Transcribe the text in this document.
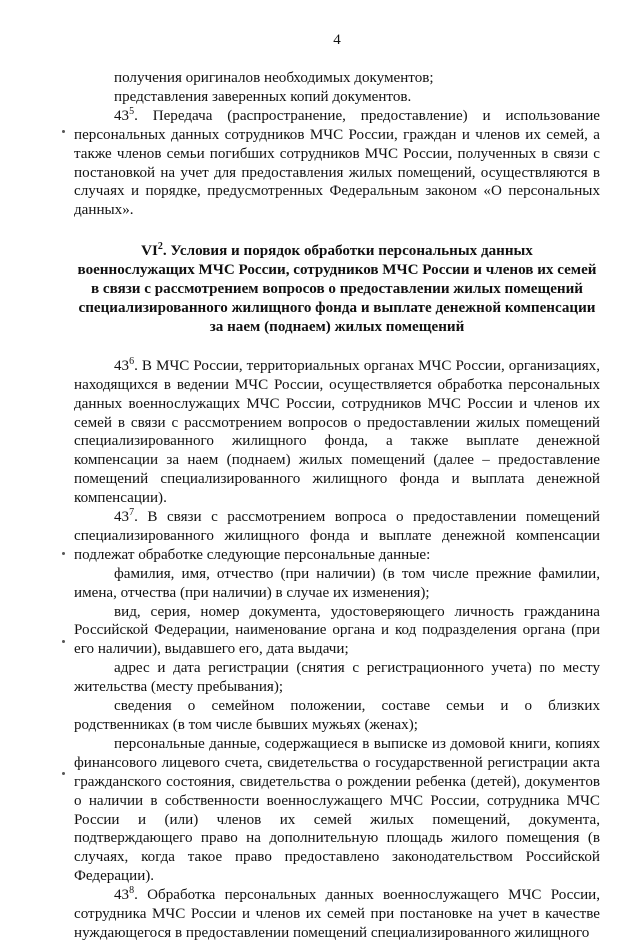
4

получения оригиналов необходимых документов;

представления заверенных копий документов.

$43^5$. Передача (распространение, предоставление) и использование персональных данных сотрудников МЧС России, граждан и членов их семей, а также членов семьи погибших сотрудников МЧС России, полученных в связи с постановкой на учет для предоставления жилых помещений, осуществляются в случаях и порядке, предусмотренных Федеральным законом «О персональных данных».

$VI^2$. Условия и порядок обработки персональных данных
военнослужащих МЧС России, сотрудников МЧС России и членов их семей
в связи с рассмотрением вопросов о предоставлении жилых помещений
специализированного жилищного фонда и выплате денежной компенсации
за наем (поднаем) жилых помещений

$43^6$. В МЧС России, территориальных органах МЧС России, организациях, находящихся в ведении МЧС России, осуществляется обработка персональных данных военнослужащих МЧС России, сотрудников МЧС России и членов их семей в связи с рассмотрением вопросов о предоставлении жилых помещений специализированного жилищного фонда, а также выплате денежной компенсации за наем (поднаем) жилых помещений (далее – предоставление помещений специализированного жилищного фонда и выплата денежной компенсации).

$43^7$. В связи с рассмотрением вопроса о предоставлении помещений специализированного жилищного фонда и выплате денежной компенсации подлежат обработке следующие персональные данные:

фамилия, имя, отчество (при наличии) (в том числе прежние фамилии, имена, отчества (при наличии) в случае их изменения);

вид, серия, номер документа, удостоверяющего личность гражданина Российской Федерации, наименование органа и код подразделения органа (при его наличии), выдавшего его, дата выдачи;

адрес и дата регистрации (снятия с регистрационного учета) по месту жительства (месту пребывания);

сведения о семейном положении, составе семьи и о близких родственниках (в том числе бывших мужьях (женах);

персональные данные, содержащиеся в выписке из домовой книги, копиях финансового лицевого счета, свидетельства о государственной регистрации акта гражданского состояния, свидетельства о рождении ребенка (детей), документов о наличии в собственности военнослужащего МЧС России, сотрудника МЧС России и (или) членов их семей жилых помещений, документа, подтверждающего право на дополнительную площадь жилого помещения (в случаях, когда такое право предоставлено законодательством Российской Федерации).

$43^8$. Обработка персональных данных военнослужащего МЧС России, сотрудника МЧС России и членов их семей при постановке на учет в качестве нуждающегося в предоставлении помещений специализированного жилищного
